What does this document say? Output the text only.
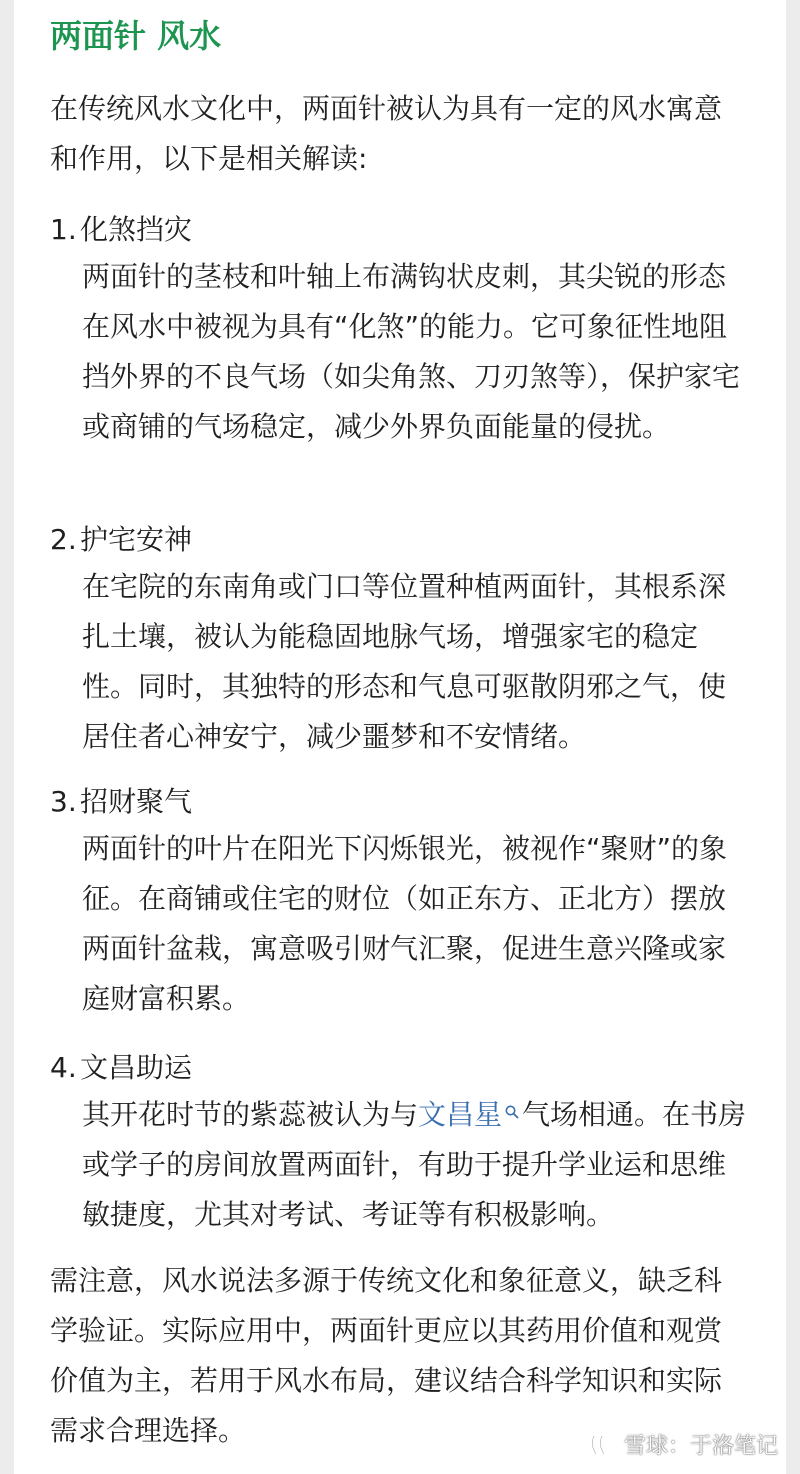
两面针 风水
在传统风水文化中，两面针被认为具有一定的风水寓意和作用，以下是相关解读:
1. 化煞挡灾
两面针的茎枝和叶轴上布满钩状皮刺，其尖锐的形态在风水中被视为具有“化煞”的能力。它可象征性地阻挡外界的不良气场（如尖角煞、刀刃煞等），保护家宅或商铺的气场稳定，减少外界负面能量的侵扰。
2. 护宅安神
在宅院的东南角或门口等位置种植两面针，其根系深扎土壤，被认为能稳固地脉气场，增强家宅的稳定性。同时，其独特的形态和气息可驱散阴邪之气，使居住者心神安宁，减少噩梦和不安情绪。
3. 招财聚气
两面针的叶片在阳光下闪烁银光，被视作“聚财”的象征。在商铺或住宅的财位（如正东方、正北方）摆放两面针盆栽，寓意吸引财气汇聚，促进生意兴隆或家庭财富积累。
4. 文昌助运
其开花时节的紫蕊被认为与文昌星 气场相通。在书房或学子的房间放置两面针，有助于提升学业运和思维敏捷度，尤其对考试、考证等有积极影响。
需注意，风水说法多源于传统文化和象征意义，缺乏科学验证。实际应用中，两面针更应以其药用价值和观赏价值为主，若用于风水布局，建议结合科学知识和实际需求合理选择。	雪球：于洛笔记
